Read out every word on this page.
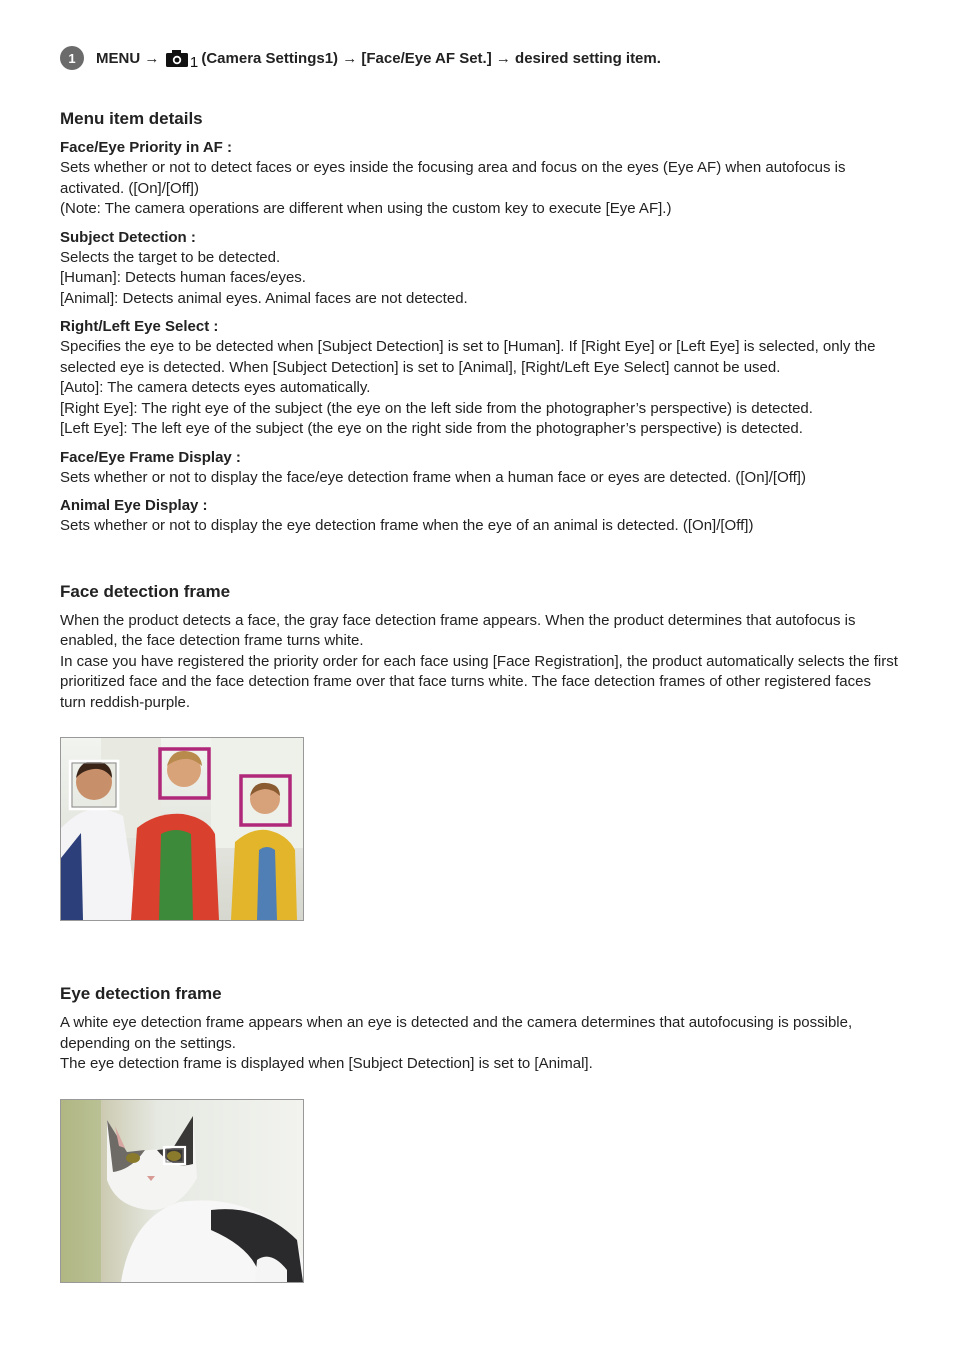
1	MENU → 1 (Camera Settings1) → [Face/Eye AF Set.] → desired setting item.
Menu item details
Face/Eye Priority in AF :

Sets whether or not to detect faces or eyes inside the focusing area and focus on the eyes (Eye AF) when autofocus is activated. ([On]/[Off])

(Note: The camera operations are different when using the custom key to execute [Eye AF].)

Subject Detection :

Selects the target to be detected.

[Human]: Detects human faces/eyes.

[Animal]: Detects animal eyes. Animal faces are not detected.

Right/Left Eye Select :

Specifies the eye to be detected when [Subject Detection] is set to [Human]. If [Right Eye] or [Left Eye] is selected, only the selected eye is detected. When [Subject Detection] is set to [Animal], [Right/Left Eye Select] cannot be used.

[Auto]: The camera detects eyes automatically.

[Right Eye]: The right eye of the subject (the eye on the left side from the photographer’s perspective) is detected.

[Left Eye]: The left eye of the subject (the eye on the right side from the photographer’s perspective) is detected.

Face/Eye Frame Display :

Sets whether or not to display the face/eye detection frame when a human face or eyes are detected. ([On]/[Off])

Animal Eye Display :

Sets whether or not to display the eye detection frame when the eye of an animal is detected. ([On]/[Off])

Face detection frame

When the product detects a face, the gray face detection frame appears. When the product determines that autofocus is enabled, the face detection frame turns white.

In case you have registered the priority order for each face using [Face Registration], the product automatically selects the first prioritized face and the face detection frame over that face turns white. The face detection frames of other registered faces turn reddish-purple.

Eye detection frame

A white eye detection frame appears when an eye is detected and the camera determines that autofocusing is possible, depending on the settings.

The eye detection frame is displayed when [Subject Detection] is set to [Animal].
